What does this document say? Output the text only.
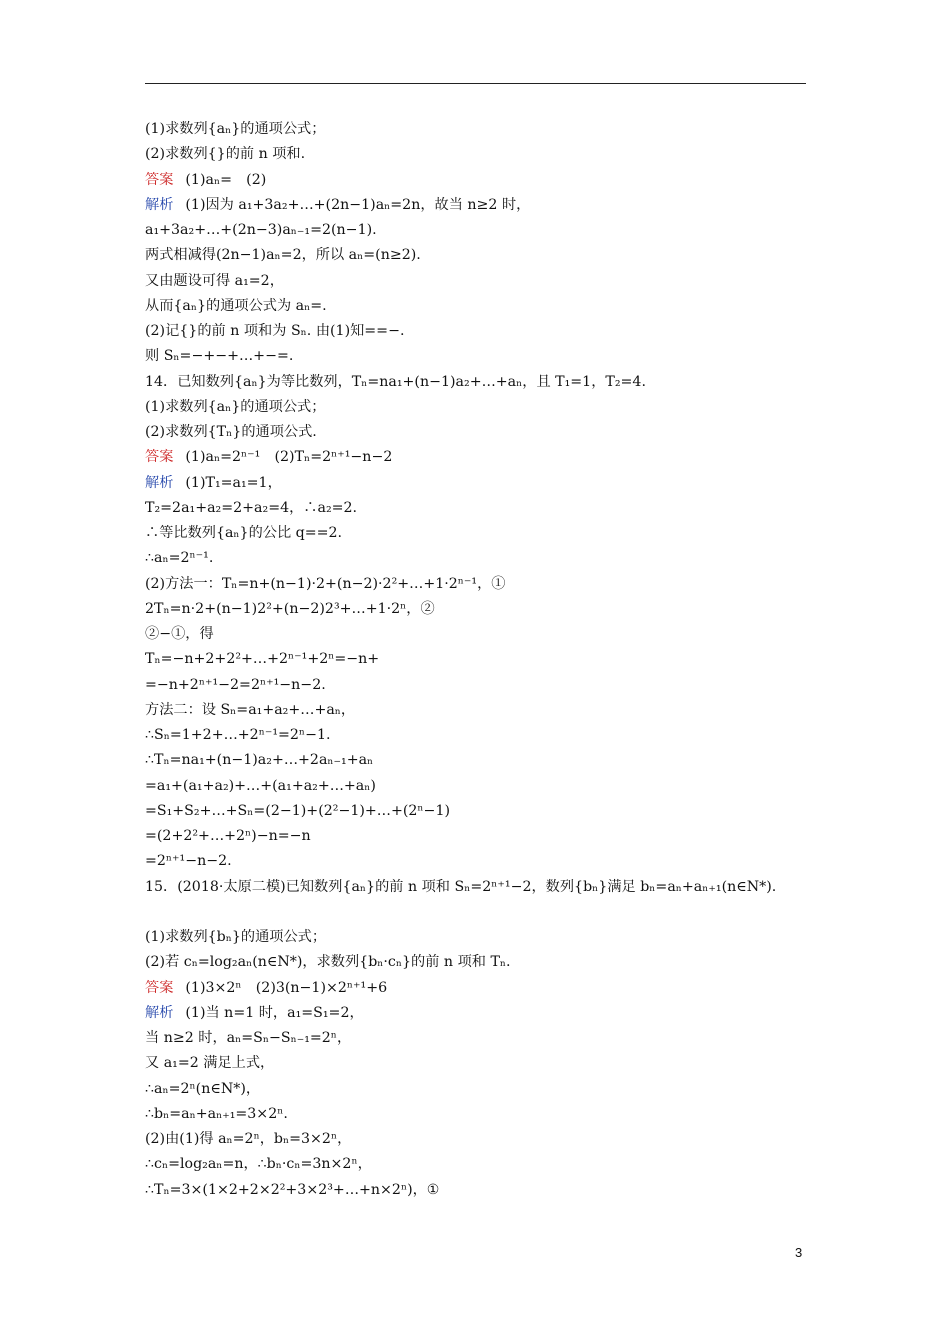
(1)求数列{aₙ}的通项公式；
(2)求数列{}的前 n 项和.
答案 (1)aₙ=　(2)
解析 (1)因为 a₁+3a₂+…+(2n−1)aₙ=2n，故当 n≥2 时，
a₁+3a₂+…+(2n−3)aₙ₋₁=2(n−1).
两式相减得(2n−1)aₙ=2，所以 aₙ=(n≥2).
又由题设可得 a₁=2，
从而{aₙ}的通项公式为 aₙ=.
(2)记{}的前 n 项和为 Sₙ. 由(1)知==−.
则 Sₙ=−+−+…+−=.
14．已知数列{aₙ}为等比数列，Tₙ=na₁+(n−1)a₂+…+aₙ，且 T₁=1，T₂=4.
(1)求数列{aₙ}的通项公式；
(2)求数列{Tₙ}的通项公式.
答案 (1)aₙ=2ⁿ⁻¹　(2)Tₙ=2ⁿ⁺¹−n−2
解析 (1)T₁=a₁=1，
T₂=2a₁+a₂=2+a₂=4，∴a₂=2.
∴等比数列{aₙ}的公比 q==2.
∴aₙ=2ⁿ⁻¹.
(2)方法一：Tₙ=n+(n−1)·2+(n−2)·2²+…+1·2ⁿ⁻¹，①
2Tₙ=n·2+(n−1)2²+(n−2)2³+…+1·2ⁿ，②
②−①，得
Tₙ=−n+2+2²+…+2ⁿ⁻¹+2ⁿ=−n+
=−n+2ⁿ⁺¹−2=2ⁿ⁺¹−n−2.
方法二：设 Sₙ=a₁+a₂+…+aₙ，
∴Sₙ=1+2+…+2ⁿ⁻¹=2ⁿ−1.
∴Tₙ=na₁+(n−1)a₂+…+2aₙ₋₁+aₙ
=a₁+(a₁+a₂)+…+(a₁+a₂+…+aₙ)
=S₁+S₂+…+Sₙ=(2−1)+(2²−1)+…+(2ⁿ−1)
=(2+2²+…+2ⁿ)−n=−n
=2ⁿ⁺¹−n−2.
15．(2018·太原二模)已知数列{aₙ}的前 n 项和 Sₙ=2ⁿ⁺¹−2，数列{bₙ}满足 bₙ=aₙ+aₙ₊₁(n∈N*).
(1)求数列{bₙ}的通项公式；
(2)若 cₙ=log₂aₙ(n∈N*)，求数列{bₙ·cₙ}的前 n 项和 Tₙ.
答案 (1)3×2ⁿ　(2)3(n−1)×2ⁿ⁺¹+6
解析 (1)当 n=1 时，a₁=S₁=2，
当 n≥2 时，aₙ=Sₙ−Sₙ₋₁=2ⁿ，
又 a₁=2 满足上式，
∴aₙ=2ⁿ(n∈N*)，
∴bₙ=aₙ+aₙ₊₁=3×2ⁿ.
(2)由(1)得 aₙ=2ⁿ，bₙ=3×2ⁿ，
∴cₙ=log₂aₙ=n，∴bₙ·cₙ=3n×2ⁿ，
∴Tₙ=3×(1×2+2×2²+3×2³+…+n×2ⁿ)，①
3
